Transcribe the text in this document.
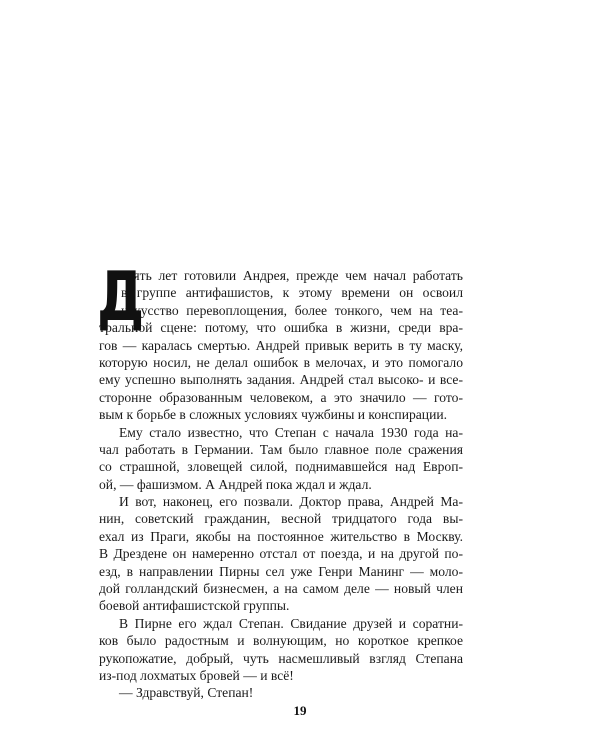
Д
есять лет готовили Андрея, прежде чем начал работать
в группе антифашистов, к этому времени он освоил
искусство перевоплощения, более тонкого, чем на теа-
тральной сцене: потому, что ошибка в жизни, среди вра-
гов — каралась смертью. Андрей привык верить в ту маску,
которую носил, не делал ошибок в мелочах, и это помогало
ему успешно выполнять задания. Андрей стал высоко- и все-
сторонне образованным человеком, а это значило — гото-
вым к борьбе в сложных условиях чужбины и конспирации.
Ему стало известно, что Степан с начала 1930 года на-
чал работать в Германии. Там было главное поле сражения
со страшной, зловещей силой, поднимавшейся над Европ-
ой, — фашизмом. А Андрей пока ждал и ждал.
И вот, наконец, его позвали. Доктор права, Андрей Ма-
нин, советский гражданин, весной тридцатого года вы-
ехал из Праги, якобы на постоянное жительство в Москву.
В Дрездене он намеренно отстал от поезда, и на другой по-
езд, в направлении Пирны сел уже Генри Манинг — моло-
дой голландский бизнесмен, а на самом деле — новый член
боевой антифашистской группы.
В Пирне его ждал Степан. Свидание друзей и соратни-
ков было радостным и волнующим, но короткое крепкое
рукопожатие, добрый, чуть насмешливый взгляд Степана
из-под лохматых бровей — и всё!
— Здравствуй, Степан!
19
